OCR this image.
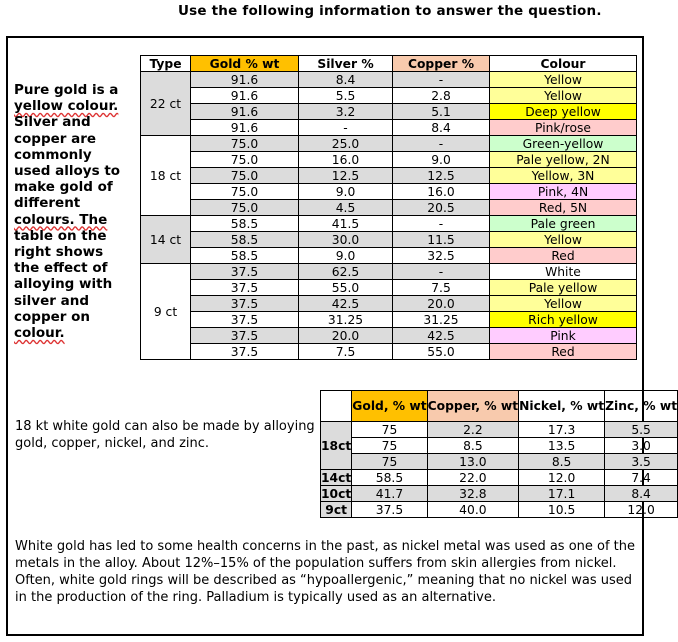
Use the following information to answer the question.
Pure gold is a
yellow colour.
Silver and
copper are
commonly
used alloys to
make gold of
different
colours. The
table on the
right shows
the effect of
alloying with
silver and
copper on
colour.
Type	Gold % wt	Silver %	Copper %	Colour
22 ct	91.6	8.4	-	Yellow
	91.6	5.5	2.8	Yellow
	91.6	3.2	5.1	Deep yellow
	91.6	-	8.4	Pink/rose
18 ct	75.0	25.0	-	Green-yellow
	75.0	16.0	9.0	Pale yellow, 2N
	75.0	12.5	12.5	Yellow, 3N
	75.0	9.0	16.0	Pink, 4N
	75.0	4.5	20.5	Red, 5N
14 ct	58.5	41.5	-	Pale green
	58.5	30.0	11.5	Yellow
	58.5	9.0	32.5	Red
9 ct	37.5	62.5	-	White
	37.5	55.0	7.5	Pale yellow
	37.5	42.5	20.0	Yellow
	37.5	31.25	31.25	Rich yellow
	37.5	20.0	42.5	Pink
	37.5	7.5	55.0	Red
18 kt white gold can also be made by alloying gold, copper, nickel, and zinc.
	Gold, % wt	Copper, % wt	Nickel, % wt	Zinc, % wt
18ct	75	2.2	17.3	5.5
	75	8.5	13.5	3.0
	75	13.0	8.5	3.5
14ct	58.5	22.0	12.0	7.4
10ct	41.7	32.8	17.1	8.4
9ct	37.5	40.0	10.5	12.0
White gold has led to some health concerns in the past, as nickel metal was used as one of the metals in the alloy. About 12%–15% of the population suffers from skin allergies from nickel. Often, white gold rings will be described as “hypoallergenic,” meaning that no nickel was used in the production of the ring. Palladium is typically used as an alternative.
